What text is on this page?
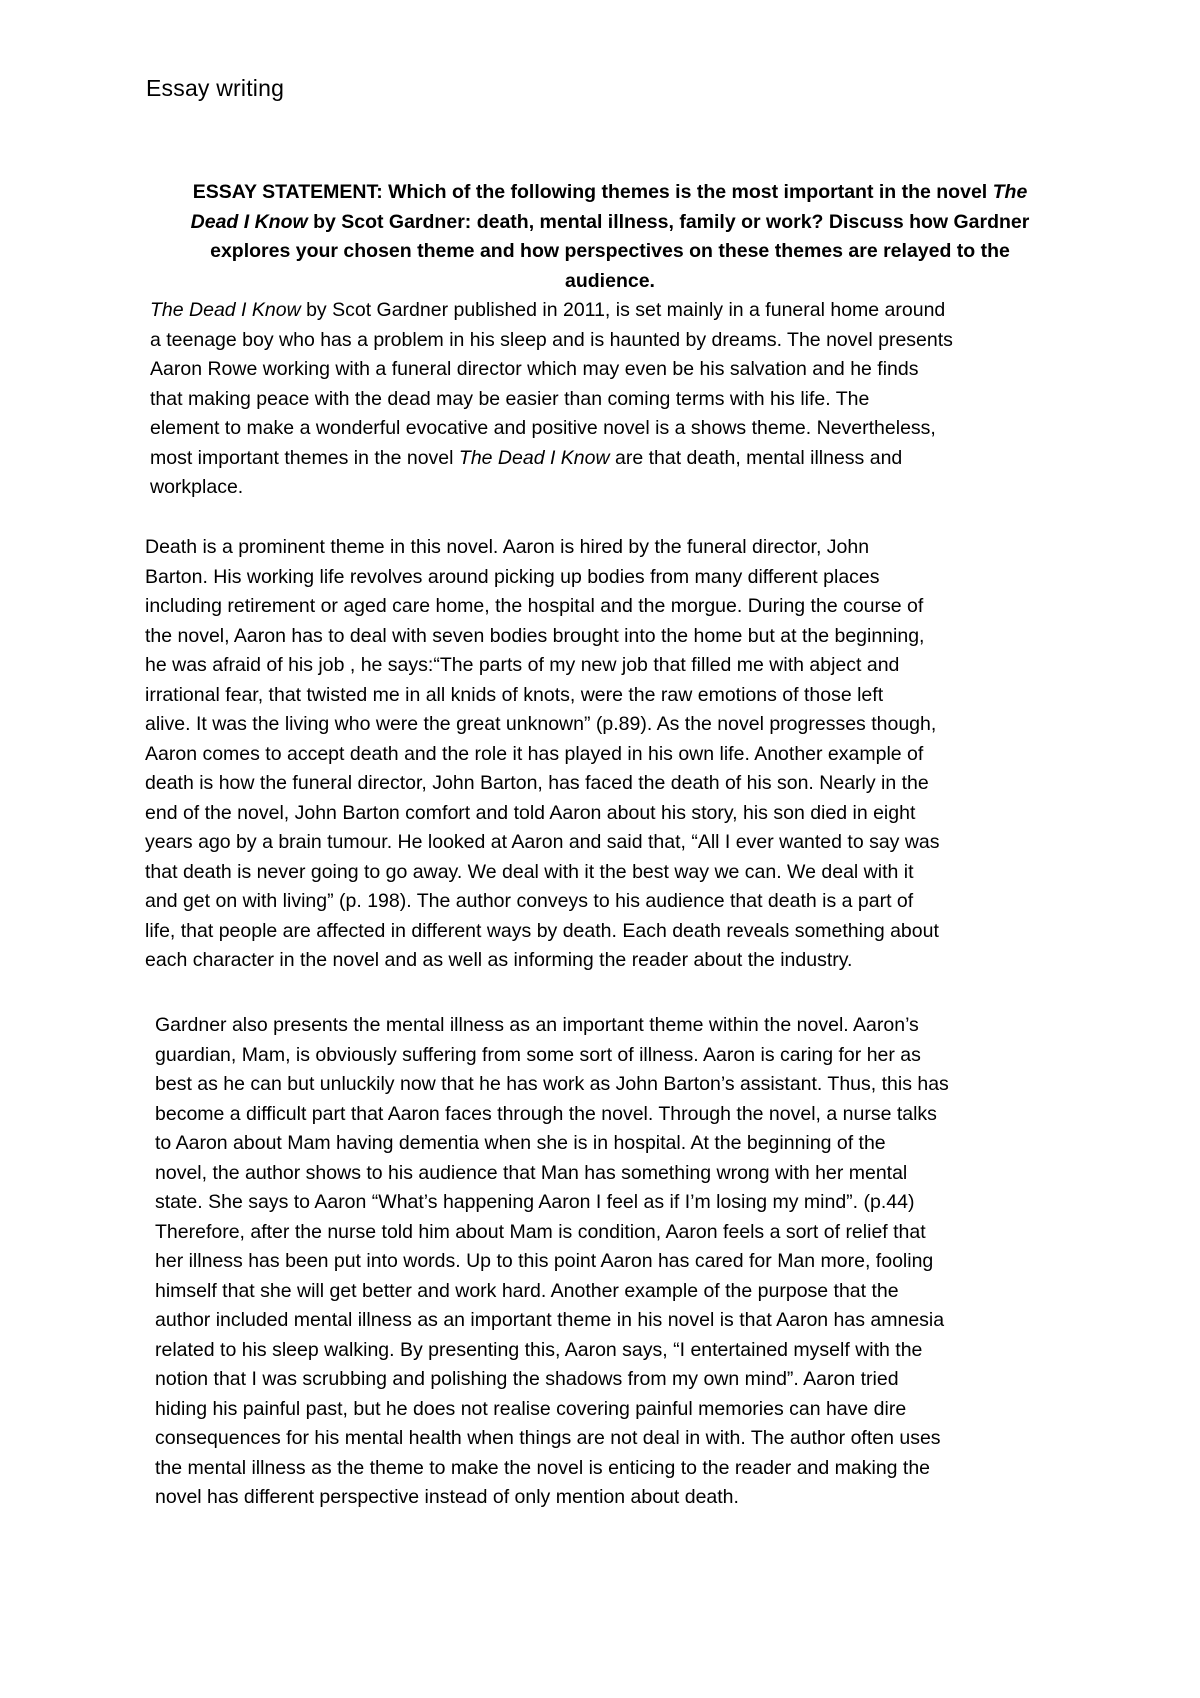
Essay writing

ESSAY STATEMENT: Which of the following themes is the most important in the novel The
Dead I Know by Scot Gardner: death, mental illness, family or work? Discuss how Gardner
explores your chosen theme and how perspectives on these themes are relayed to the
audience.

The Dead I Know by Scot Gardner published in 2011, is set mainly in a funeral home around
a teenage boy who has a problem in his sleep and is haunted by dreams. The novel presents
Aaron Rowe working with a funeral director which may even be his salvation and he finds
that making peace with the dead may be easier than coming terms with his life. The
element to make a wonderful evocative and positive novel is a shows theme. Nevertheless,
most important themes in the novel The Dead I Know are that death, mental illness and
workplace.

Death is a prominent theme in this novel. Aaron is hired by the funeral director, John
Barton. His working life revolves around picking up bodies from many different places
including retirement or aged care home, the hospital and the morgue. During the course of
the novel, Aaron has to deal with seven bodies brought into the home but at the beginning,
he was afraid of his job , he says:“The parts of my new job that filled me with abject and
irrational fear, that twisted me in all knids of knots, were the raw emotions of those left
alive. It was the living who were the great unknown” (p.89). As the novel progresses though,
Aaron comes to accept death and the role it has played in his own life. Another example of
death is how the funeral director, John Barton, has faced the death of his son. Nearly in the
end of the novel, John Barton comfort and told Aaron about his story, his son died in eight
years ago by a brain tumour. He looked at Aaron and said that, “All I ever wanted to say was
that death is never going to go away. We deal with it the best way we can. We deal with it
and get on with living” (p. 198). The author conveys to his audience that death is a part of
life, that people are affected in different ways by death. Each death reveals something about
each character in the novel and as well as informing the reader about the industry.

Gardner also presents the mental illness as an important theme within the novel. Aaron’s
guardian, Mam, is obviously suffering from some sort of illness. Aaron is caring for her as
best as he can but unluckily now that he has work as John Barton’s assistant. Thus, this has
become a difficult part that Aaron faces through the novel. Through the novel, a nurse talks
to Aaron about Mam having dementia when she is in hospital. At the beginning of the
novel, the author shows to his audience that Man has something wrong with her mental
state. She says to Aaron “What’s happening Aaron I feel as if I’m losing my mind”. (p.44)
Therefore, after the nurse told him about Mam is condition, Aaron feels a sort of relief that
her illness has been put into words. Up to this point Aaron has cared for Man more, fooling
himself that she will get better and work hard. Another example of the purpose that the
author included mental illness as an important theme in his novel is that Aaron has amnesia
related to his sleep walking. By presenting this, Aaron says, “I entertained myself with the
notion that I was scrubbing and polishing the shadows from my own mind”. Aaron tried
hiding his painful past, but he does not realise covering painful memories can have dire
consequences for his mental health when things are not deal in with. The author often uses
the mental illness as the theme to make the novel is enticing to the reader and making the
novel has different perspective instead of only mention about death.
